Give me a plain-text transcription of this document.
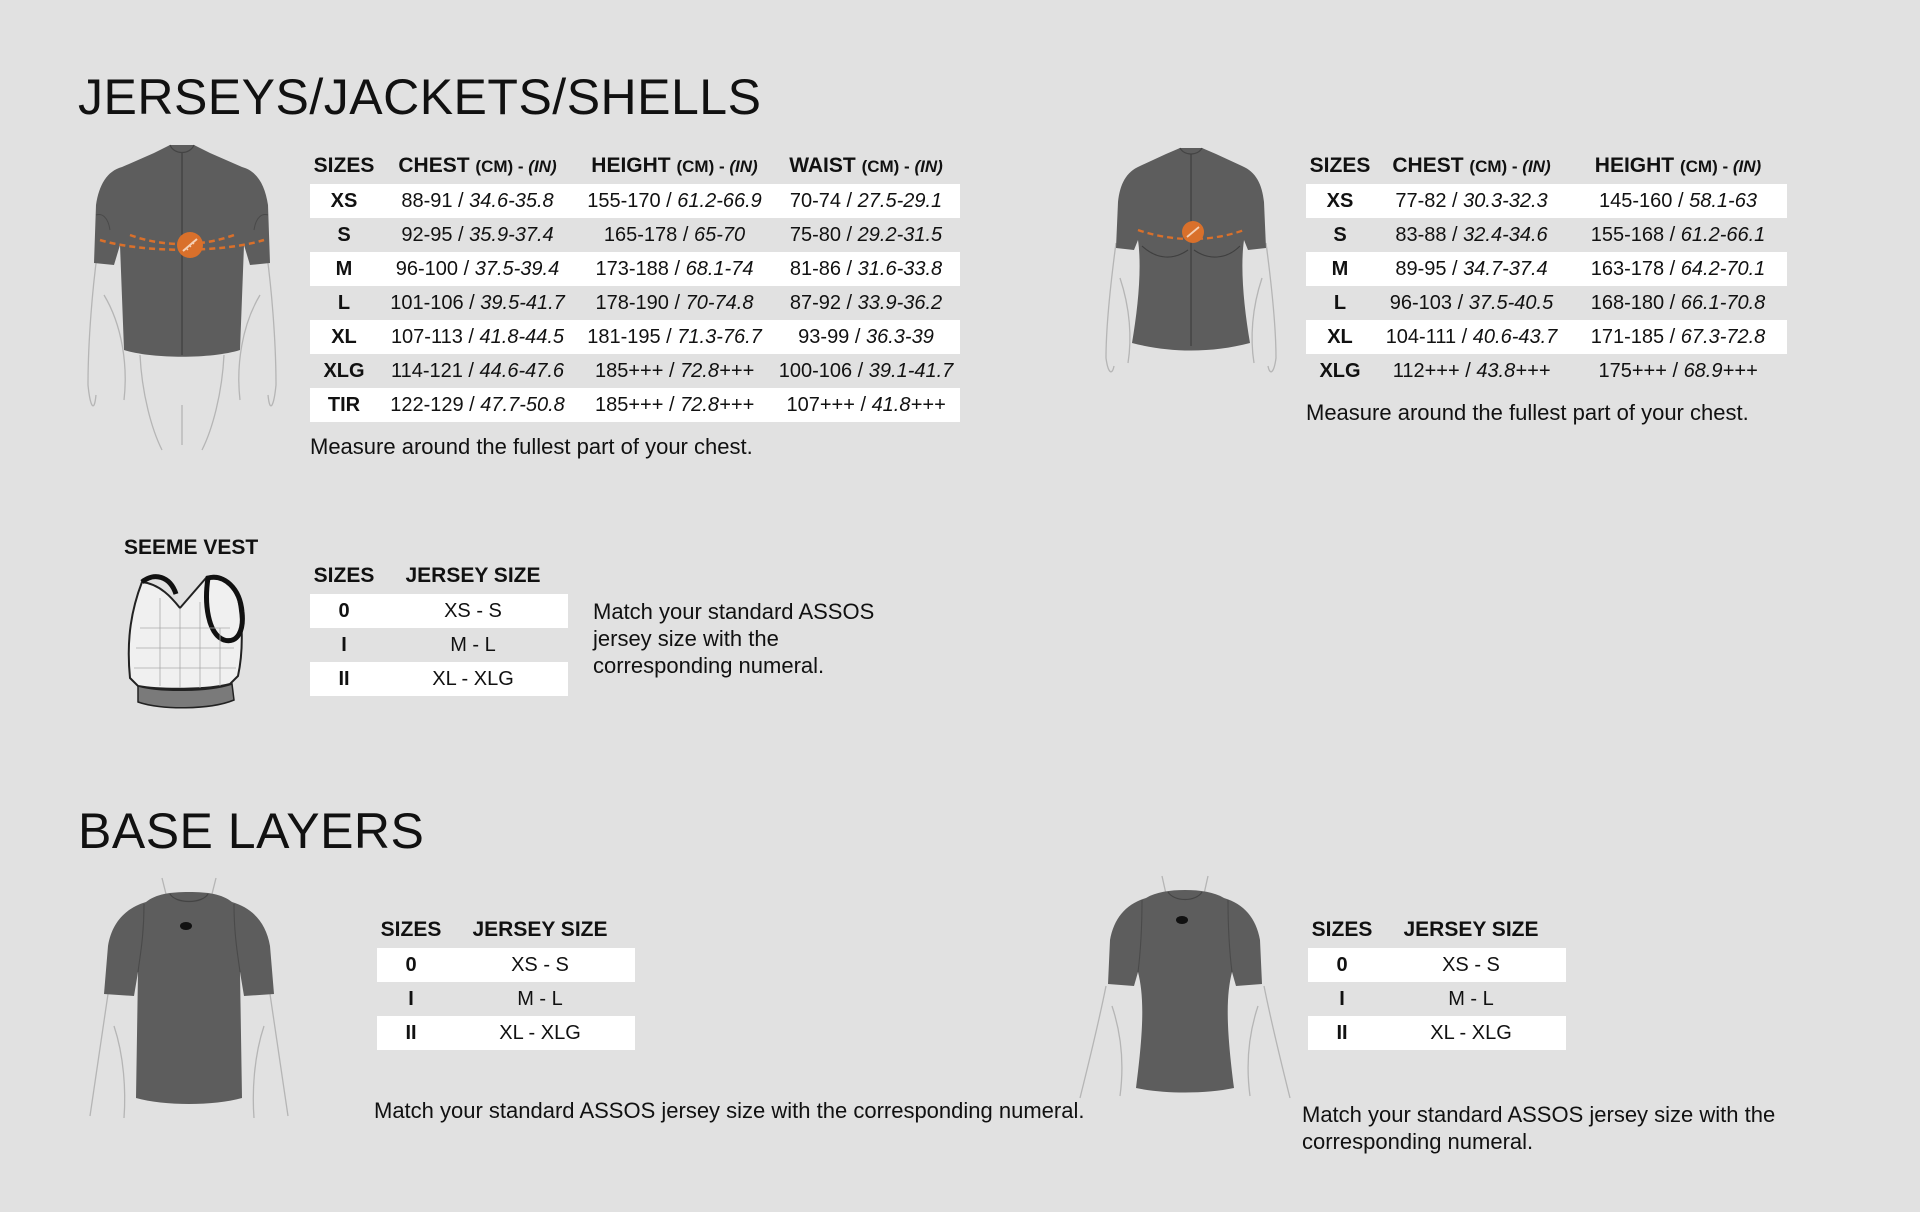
JERSEYS/JACKETS/SHELLS
BASE LAYERS
SIZES	CHEST (CM) - (IN)	HEIGHT (CM) - (IN)	WAIST (CM) - (IN)
XS	88-91 / 34.6-35.8	155-170 / 61.2-66.9	70-74 / 27.5-29.1
S	92-95 / 35.9-37.4	165-178 / 65-70	75-80 / 29.2-31.5
M	96-100 / 37.5-39.4	173-188 / 68.1-74	81-86 / 31.6-33.8
L	101-106 / 39.5-41.7	178-190 / 70-74.8	87-92 / 33.9-36.2
XL	107-113 / 41.8-44.5	181-195 / 71.3-76.7	93-99 / 36.3-39
XLG	114-121 / 44.6-47.6	185+++ / 72.8+++	100-106 / 39.1-41.7
TIR	122-129 / 47.7-50.8	185+++ / 72.8+++	107+++ / 41.8+++

Measure around the fullest part of your chest.

SIZES	CHEST (CM) - (IN)	HEIGHT (CM) - (IN)
XS	77-82 / 30.3-32.3	145-160 / 58.1-63
S	83-88 / 32.4-34.6	155-168 / 61.2-66.1
M	89-95 / 34.7-37.4	163-178 / 64.2-70.1
L	96-103 / 37.5-40.5	168-180 / 66.1-70.8
XL	104-111 / 40.6-43.7	171-185 / 67.3-72.8
XLG	112+++ / 43.8+++	175+++ / 68.9+++

Measure around the fullest part of your chest.

SEEME VEST
SIZES	JERSEY SIZE
0	XS - S
I	M - L
II	XL - XLG

Match your standard ASSOS jersey size with the corresponding numeral.

SIZES	JERSEY SIZE
0	XS - S
I	M - L
II	XL - XLG

Match your standard ASSOS jersey size with the corresponding numeral.

SIZES	JERSEY SIZE
0	XS - S
I	M - L
II	XL - XLG

Match your standard ASSOS jersey size with the corresponding numeral.
